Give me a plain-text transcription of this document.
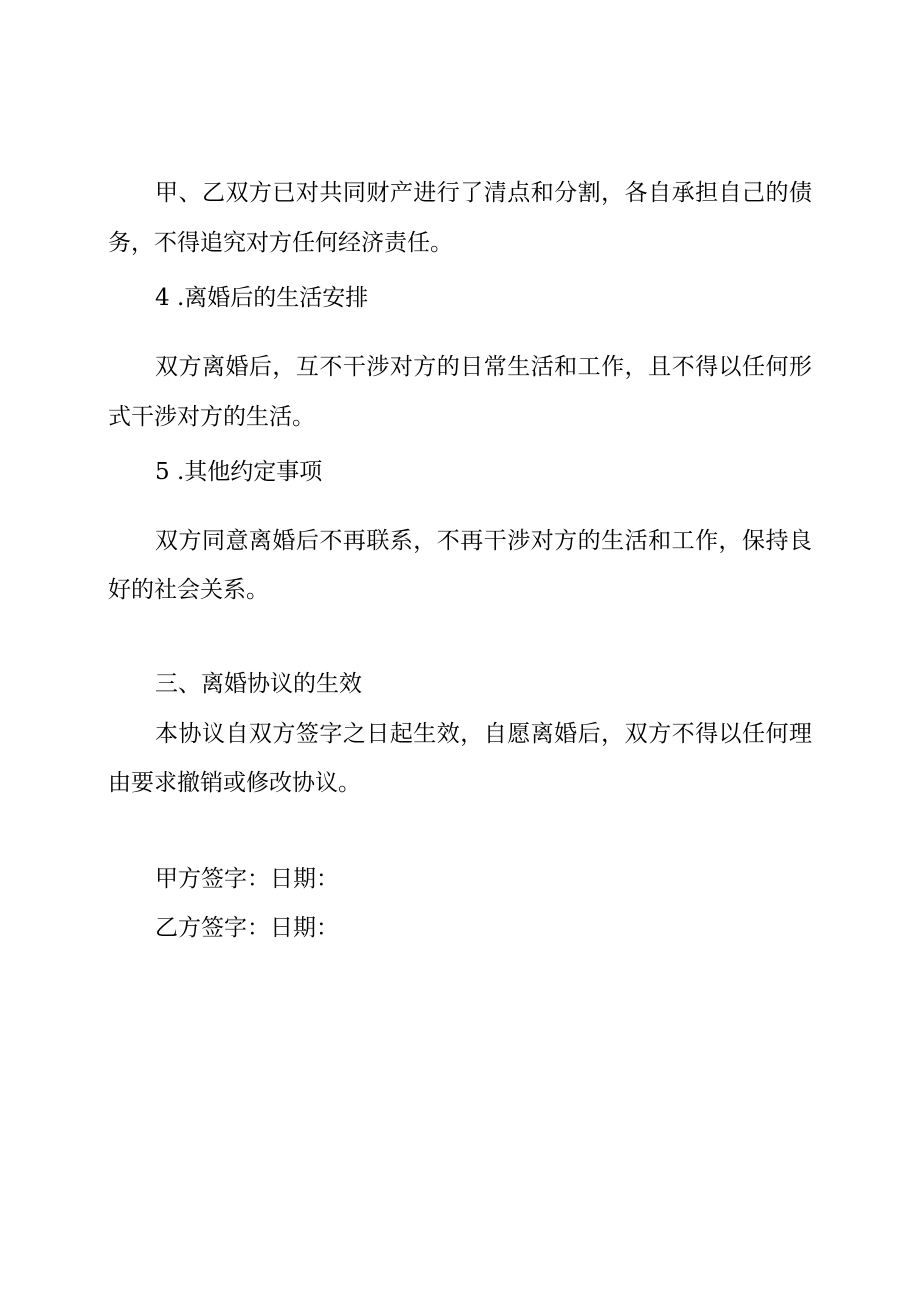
甲、乙双方已对共同财产进行了清点和分割，各自承担自己的债

务，不得追究对方任何经济责任。

4 .离婚后的生活安排

双方离婚后，互不干涉对方的日常生活和工作，且不得以任何形

式干涉对方的生活。

5 .其他约定事项

双方同意离婚后不再联系，不再干涉对方的生活和工作，保持良

好的社会关系。

三、离婚协议的生效

本协议自双方签字之日起生效，自愿离婚后，双方不得以任何理

由要求撤销或修改协议。

甲方签字：日期：

乙方签字：日期：
